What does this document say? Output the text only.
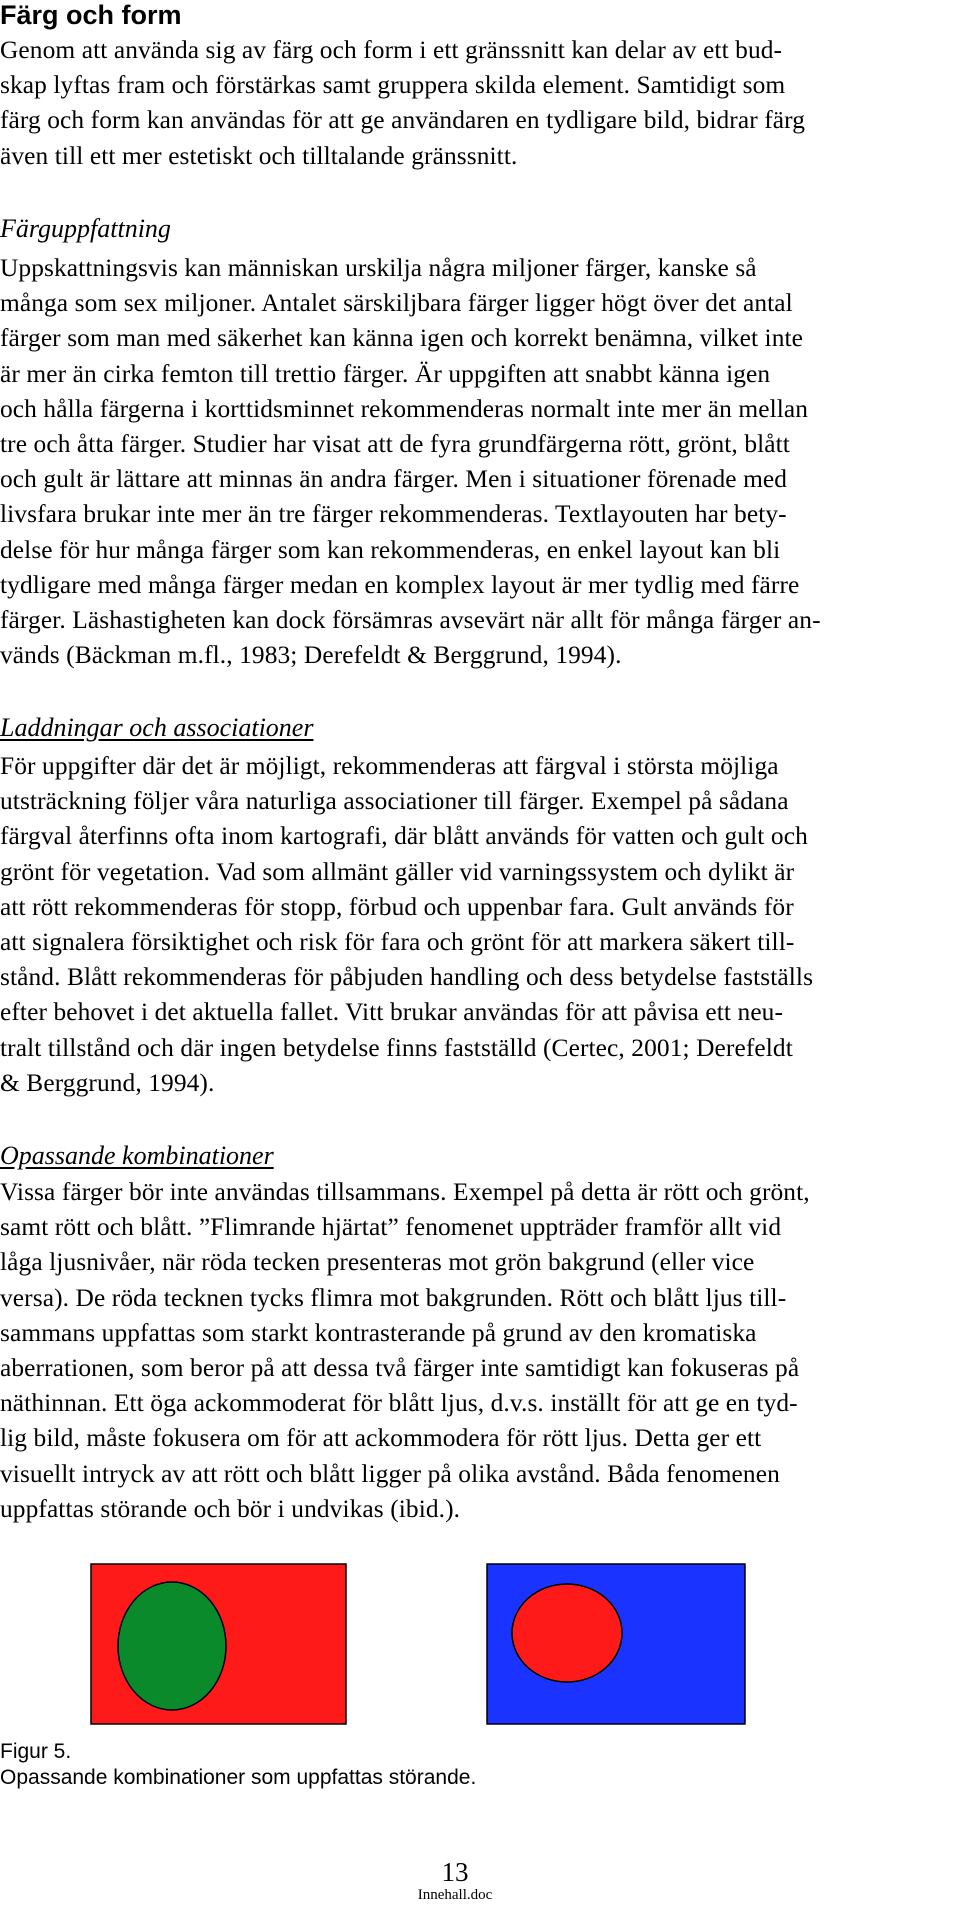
Färg och form

Genom att använda sig av färg och form i ett gränssnitt kan delar av ett bud-
skap lyftas fram och förstärkas samt gruppera skilda element. Samtidigt som
färg och form kan användas för att ge användaren en tydligare bild, bidrar färg
även till ett mer estetiskt och tilltalande gränssnitt.

Färguppfattning

Uppskattningsvis kan människan urskilja några miljoner färger, kanske så
många som sex miljoner. Antalet särskiljbara färger ligger högt över det antal
färger som man med säkerhet kan känna igen och korrekt benämna, vilket inte
är mer än cirka femton till trettio färger. Är uppgiften att snabbt känna igen
och hålla färgerna i korttidsminnet rekommenderas normalt inte mer än mellan
tre och åtta färger. Studier har visat att de fyra grundfärgerna rött, grönt, blått
och gult är lättare att minnas än andra färger. Men i situationer förenade med
livsfara brukar inte mer än tre färger rekommenderas. Textlayouten har bety-
delse för hur många färger som kan rekommenderas, en enkel layout kan bli
tydligare med många färger medan en komplex layout är mer tydlig med färre
färger. Läshastigheten kan dock försämras avsevärt när allt för många färger an-
vänds (Bäckman m.fl., 1983; Derefeldt & Berggrund, 1994).

Laddningar och associationer

För uppgifter där det är möjligt, rekommenderas att färgval i största möjliga
utsträckning följer våra naturliga associationer till färger. Exempel på sådana
färgval återfinns ofta inom kartografi, där blått används för vatten och gult och
grönt för vegetation. Vad som allmänt gäller vid varningssystem och dylikt är
att rött rekommenderas för stopp, förbud och uppenbar fara. Gult används för
att signalera försiktighet och risk för fara och grönt för att markera säkert till-
stånd. Blått rekommenderas för påbjuden handling och dess betydelse fastställs
efter behovet i det aktuella fallet. Vitt brukar användas för att påvisa ett neu-
tralt tillstånd och där ingen betydelse finns fastställd (Certec, 2001; Derefeldt
& Berggrund, 1994).

Opassande kombinationer

Vissa färger bör inte användas tillsammans. Exempel på detta är rött och grönt,
samt rött och blått. ”Flimrande hjärtat” fenomenet uppträder framför allt vid
låga ljusnivåer, när röda tecken presenteras mot grön bakgrund (eller vice
versa). De röda tecknen tycks flimra mot bakgrunden. Rött och blått ljus till-
sammans uppfattas som starkt kontrasterande på grund av den kromatiska
aberrationen, som beror på att dessa två färger inte samtidigt kan fokuseras på
näthinnan. Ett öga ackommoderat för blått ljus, d.v.s. inställt för att ge en tyd-
lig bild, måste fokusera om för att ackommodera för rött ljus. Detta ger ett
visuellt intryck av att rött och blått ligger på olika avstånd. Båda fenomenen
uppfattas störande och bör i undvikas (ibid.).

Figur 5.
Opassande kombinationer som uppfattas störande.
13
Innehall.doc
